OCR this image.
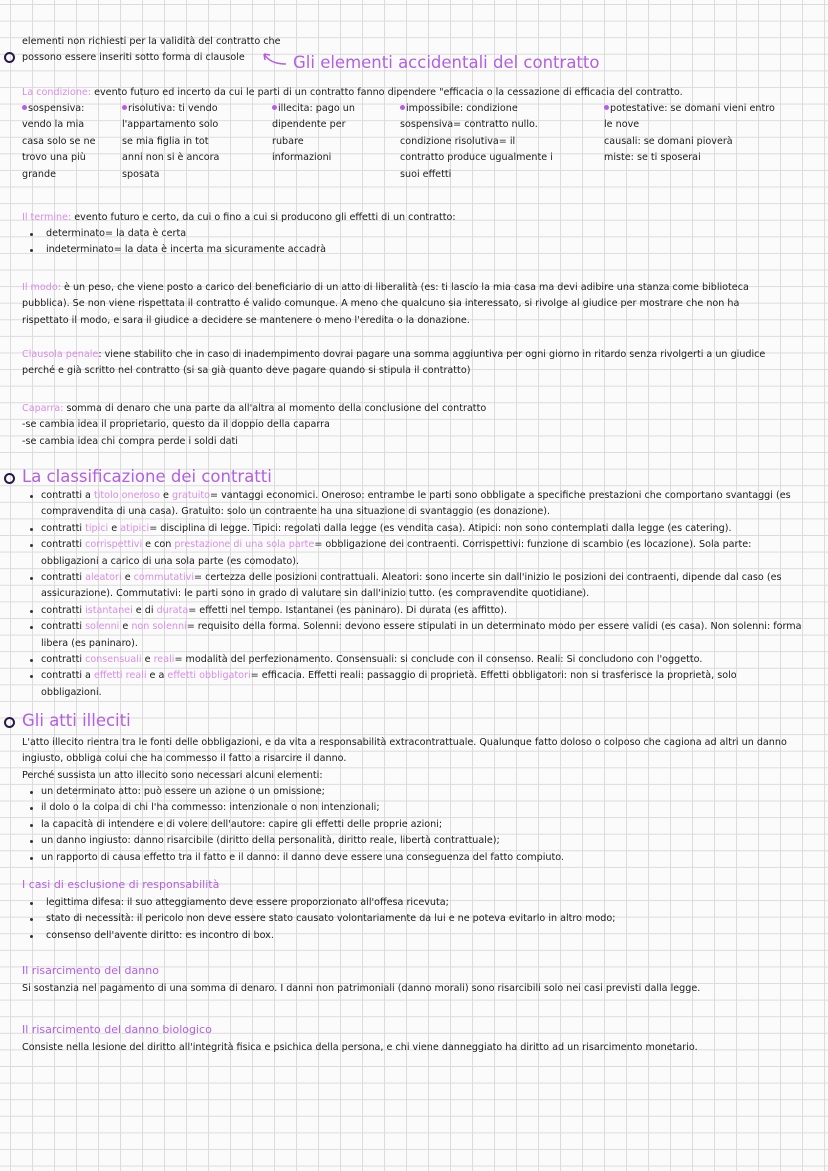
elementi non richiesti per la validità del contratto che
possono essere inseriti sotto forma di clausole	Gli elementi accidentali del contratto
La condizione: evento futuro ed incerto da cui le parti di un contratto fanno dipendere "efficacia o la cessazione di efficacia del contratto.
sospensiva:
vendo la mia
casa solo se ne
trovo una più
grande
risolutiva: ti vendo
l'appartamento solo
se mia figlia in tot
anni non si è ancora
sposata
illecita: pago un
dipendente per
rubare
informazioni
impossibile: condizione
sospensiva= contratto nullo.
condizione risolutiva= il
contratto produce ugualmente i
suoi effetti
potestative: se domani vieni entro
le nove
causali: se domani pioverà
miste: se ti sposerai
Il termine: evento futuro e certo, da cui o fino a cui si producono gli effetti di un contratto:
determinato= la data è certa
indeterminato= la data è incerta ma sicuramente accadrà
Il modo: è un peso, che viene posto a carico del beneficiario di un atto di liberalità (es: ti lascio la mia casa ma devi adibire una stanza come biblioteca
pubblica). Se non viene rispettata il contratto é valido comunque. A meno che qualcuno sia interessato, si rivolge al giudice per mostrare che non ha
rispettato il modo, e sara il giudice a decidere se mantenere o meno l'eredita o la donazione.
Clausola penale: viene stabilito che in caso di inadempimento dovrai pagare una somma aggiuntiva per ogni giorno in ritardo senza rivolgerti a un giudice
perché e già scritto nel contratto (si sa già quanto deve pagare quando si stipula il contratto)
Caparra: somma di denaro che una parte da all'altra al momento della conclusione del contratto
-se cambia idea il proprietario, questo da il doppio della caparra
-se cambia idea chi compra perde i soldi dati
La classificazione dei contratti
contratti a titolo oneroso e gratuito= vantaggi economici. Oneroso: entrambe le parti sono obbligate a specifiche prestazioni che comportano svantaggi (es
compravendita di una casa). Gratuito: solo un contraente ha una situazione di svantaggio (es donazione).
contratti tipici e atipici= disciplina di legge. Tipici: regolati dalla legge (es vendita casa). Atipici: non sono contemplati dalla legge (es catering).
contratti corrispettivi e con prestazione di una sola parte= obbligazione dei contraenti. Corrispettivi: funzione di scambio (es locazione). Sola parte:
obbligazioni a carico di una sola parte (es comodato).
contratti aleatori e commutativi= certezza delle posizioni contrattuali. Aleatori: sono incerte sin dall'inizio le posizioni dei contraenti, dipende dal caso (es
assicurazione). Commutativi: le parti sono in grado di valutare sin dall'inizio tutto. (es compravendite quotidiane).
contratti istantanei e di durata= effetti nel tempo. Istantanei (es paninaro). Di durata (es affitto).
contratti solenni e non solenni= requisito della forma. Solenni: devono essere stipulati in un determinato modo per essere validi (es casa). Non solenni: forma
libera (es paninaro).
contratti consensuali e reali= modalità del perfezionamento. Consensuali: si conclude con il consenso. Reali: Si concludono con l'oggetto.
contratti a effetti reali e a effetti obbligatori= efficacia. Effetti reali: passaggio di proprietà. Effetti obbligatori: non si trasferisce la proprietà, solo
obbligazioni.
Gli atti illeciti
L'atto illecito rientra tra le fonti delle obbligazioni, e da vita a responsabilità extracontrattuale. Qualunque fatto doloso o colposo che cagiona ad altri un danno
ingiusto, obbliga colui che ha commesso il fatto a risarcire il danno.
Perché sussista un atto illecito sono necessari alcuni elementi:
un determinato atto: può essere un azione o un omissione;
il dolo o la colpa di chi l'ha commesso: intenzionale o non intenzionali;
la capacità di intendere e di volere dell'autore: capire gli effetti delle proprie azioni;
un danno ingiusto: danno risarcibile (diritto della personalità, diritto reale, libertà contrattuale);
un rapporto di causa effetto tra il fatto e il danno: il danno deve essere una conseguenza del fatto compiuto.
I casi di esclusione di responsabilità
legittima difesa: il suo atteggiamento deve essere proporzionato all'offesa ricevuta;
stato di necessità: il pericolo non deve essere stato causato volontariamente da lui e ne poteva evitarlo in altro modo;
consenso dell'avente diritto: es incontro di box.
Il risarcimento del danno
Si sostanzia nel pagamento di una somma di denaro. I danni non patrimoniali (danno morali) sono risarcibili solo nei casi previsti dalla legge.
Il risarcimento del danno biologico
Consiste nella lesione del diritto all'integrità fisica e psichica della persona, e chi viene danneggiato ha diritto ad un risarcimento monetario.
